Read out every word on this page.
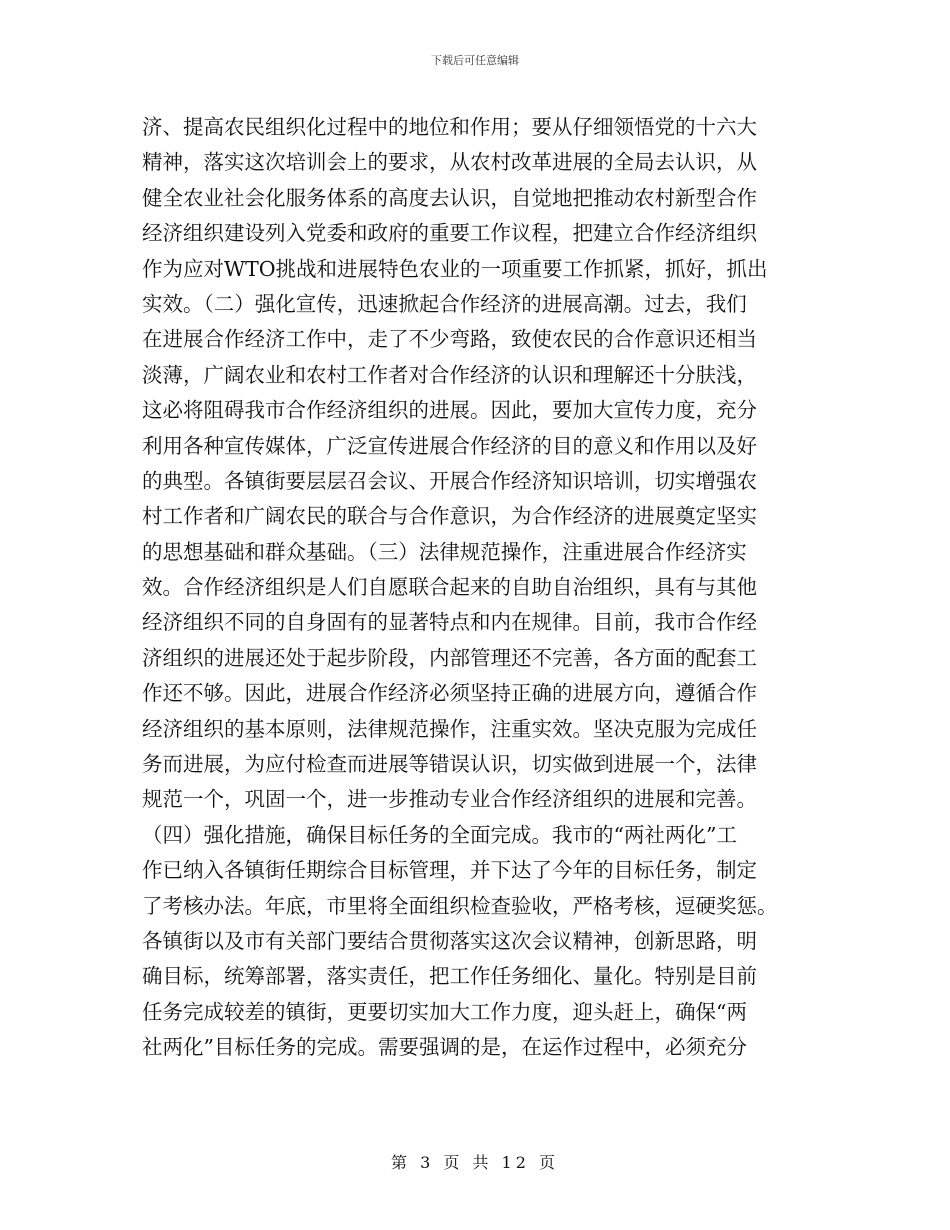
下载后可任意编辑
济、提高农民组织化过程中的地位和作用；要从仔细领悟党的十六大
精神，落实这次培训会上的要求，从农村改革进展的全局去认识，从
健全农业社会化服务体系的高度去认识，自觉地把推动农村新型合作
经济组织建设列入党委和政府的重要工作议程，把建立合作经济组织
作为应对WTO挑战和进展特色农业的一项重要工作抓紧，抓好，抓出
实效。（二）强化宣传，迅速掀起合作经济的进展高潮。过去，我们
在进展合作经济工作中，走了不少弯路，致使农民的合作意识还相当
淡薄，广阔农业和农村工作者对合作经济的认识和理解还十分肤浅，
这必将阻碍我市合作经济组织的进展。因此，要加大宣传力度，充分
利用各种宣传媒体，广泛宣传进展合作经济的目的意义和作用以及好
的典型。各镇街要层层召会议、开展合作经济知识培训，切实增强农
村工作者和广阔农民的联合与合作意识，为合作经济的进展奠定坚实
的思想基础和群众基础。（三）法律规范操作，注重进展合作经济实
效。合作经济组织是人们自愿联合起来的自助自治组织，具有与其他
经济组织不同的自身固有的显著特点和内在规律。目前，我市合作经
济组织的进展还处于起步阶段，内部管理还不完善，各方面的配套工
作还不够。因此，进展合作经济必须坚持正确的进展方向，遵循合作
经济组织的基本原则，法律规范操作，注重实效。坚决克服为完成任
务而进展，为应付检查而进展等错误认识，切实做到进展一个，法律
规范一个，巩固一个，进一步推动专业合作经济组织的进展和完善。
（四）强化措施，确保目标任务的全面完成。我市的“两社两化”工
作已纳入各镇街任期综合目标管理，并下达了今年的目标任务，制定
了考核办法。年底，市里将全面组织检查验收，严格考核，逗硬奖惩。
各镇街以及市有关部门要结合贯彻落实这次会议精神，创新思路，明
确目标，统筹部署，落实责任，把工作任务细化、量化。特别是目前
任务完成较差的镇街，更要切实加大工作力度，迎头赶上，确保“两
社两化”目标任务的完成。需要强调的是，在运作过程中，必须充分
第 3 页 共 12 页
